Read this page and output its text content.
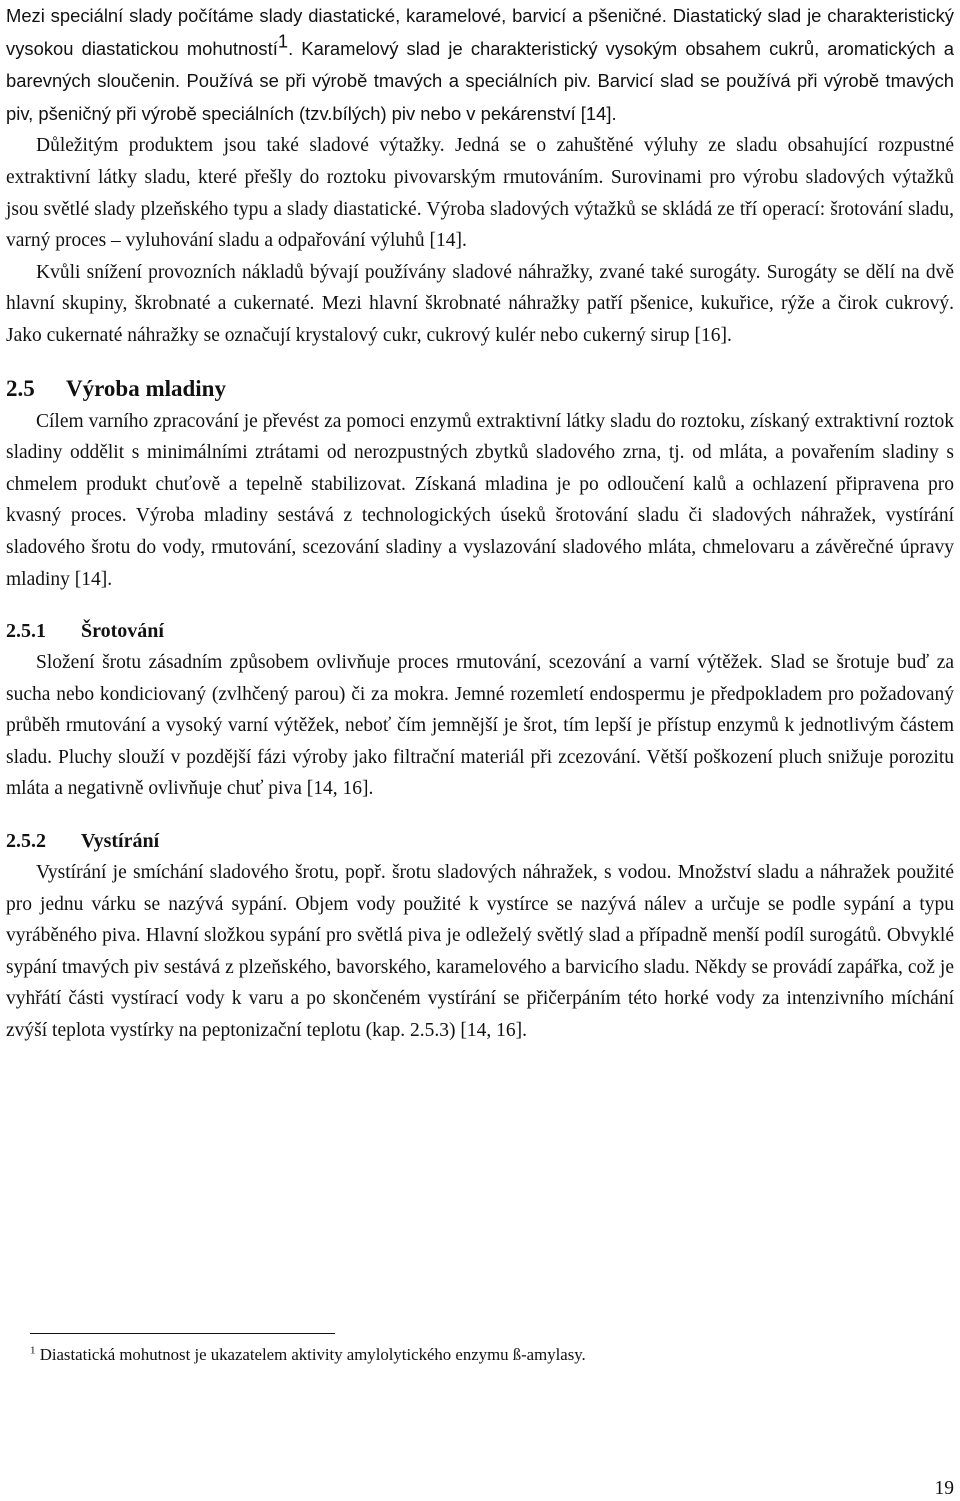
Mezi speciální slady počítáme slady diastatické, karamelové, barvicí a pšeničné. Diastatický slad je charakteristický vysokou diastatickou mohutností$^1$. Karamelový slad je charakteristický vysokým obsahem cukrů, aromatických a barevných sloučenin. Používá se při výrobě tmavých a speciálních piv. Barvicí slad se používá při výrobě tmavých piv, pšeničný při výrobě speciálních (tzv.bílých) piv nebo v pekárenství [14].

Důležitým produktem jsou také sladové výtažky. Jedná se o zahuštěné výluhy ze sladu obsahující rozpustné extraktivní látky sladu, které přešly do roztoku pivovarským rmutováním. Surovinami pro výrobu sladových výtažků jsou světlé slady plzeňského typu a slady diastatické. Výroba sladových výtažků se skládá ze tří operací: šrotování sladu, varný proces – vyluhování sladu a odpařování výluhů [14].

Kvůli snížení provozních nákladů bývají používány sladové náhražky, zvané také surogáty. Surogáty se dělí na dvě hlavní skupiny, škrobnaté a cukernaté. Mezi hlavní škrobnaté náhražky patří pšenice, kukuřice, rýže a čirok cukrový. Jako cukernaté náhražky se označují krystalový cukr, cukrový kulér nebo cukerný sirup [16].

2.5 Výroba mladiny

Cílem varního zpracování je převést za pomoci enzymů extraktivní látky sladu do roztoku, získaný extraktivní roztok sladiny oddělit s minimálními ztrátami od nerozpustných zbytků sladového zrna, tj. od mláta, a povařením sladiny s chmelem produkt chuťově a tepelně stabilizovat. Získaná mladina je po odloučení kalů a ochlazení připravena pro kvasný proces. Výroba mladiny sestává z technologických úseků šrotování sladu či sladových náhražek, vystírání sladového šrotu do vody, rmutování, scezování sladiny a vyslazování sladového mláta, chmelovaru a závěrečné úpravy mladiny [14].

2.5.1 Šrotování

Složení šrotu zásadním způsobem ovlivňuje proces rmutování, scezování a varní výtěžek. Slad se šrotuje buď za sucha nebo kondiciovaný (zvlhčený parou) či za mokra. Jemné rozemletí endospermu je předpokladem pro požadovaný průběh rmutování a vysoký varní výtěžek, neboť čím jemnější je šrot, tím lepší je přístup enzymů k jednotlivým částem sladu. Pluchy slouží v pozdější fázi výroby jako filtrační materiál při zcezování. Větší poškození pluch snižuje porozitu mláta a negativně ovlivňuje chuť piva [14, 16].

2.5.2 Vystírání

Vystírání je smíchání sladového šrotu, popř. šrotu sladových náhražek, s vodou. Množství sladu a náhražek použité pro jednu várku se nazývá sypání. Objem vody použité k vystírce se nazývá nálev a určuje se podle sypání a typu vyráběného piva. Hlavní složkou sypání pro světlá piva je odleželý světlý slad a případně menší podíl surogátů. Obvyklé sypání tmavých piv sestává z plzeňského, bavorského, karamelového a barvicího sladu. Někdy se provádí zapářka, což je vyhřátí části vystírací vody k varu a po skončeném vystírání se přičerpáním této horké vody za intenzivního míchání zvýší teplota vystírky na peptonizační teplotu (kap. 2.5.3) [14, 16].

$^1$ Diastatická mohutnost je ukazatelem aktivity amylolytického enzymu ß-amylasy.
19
